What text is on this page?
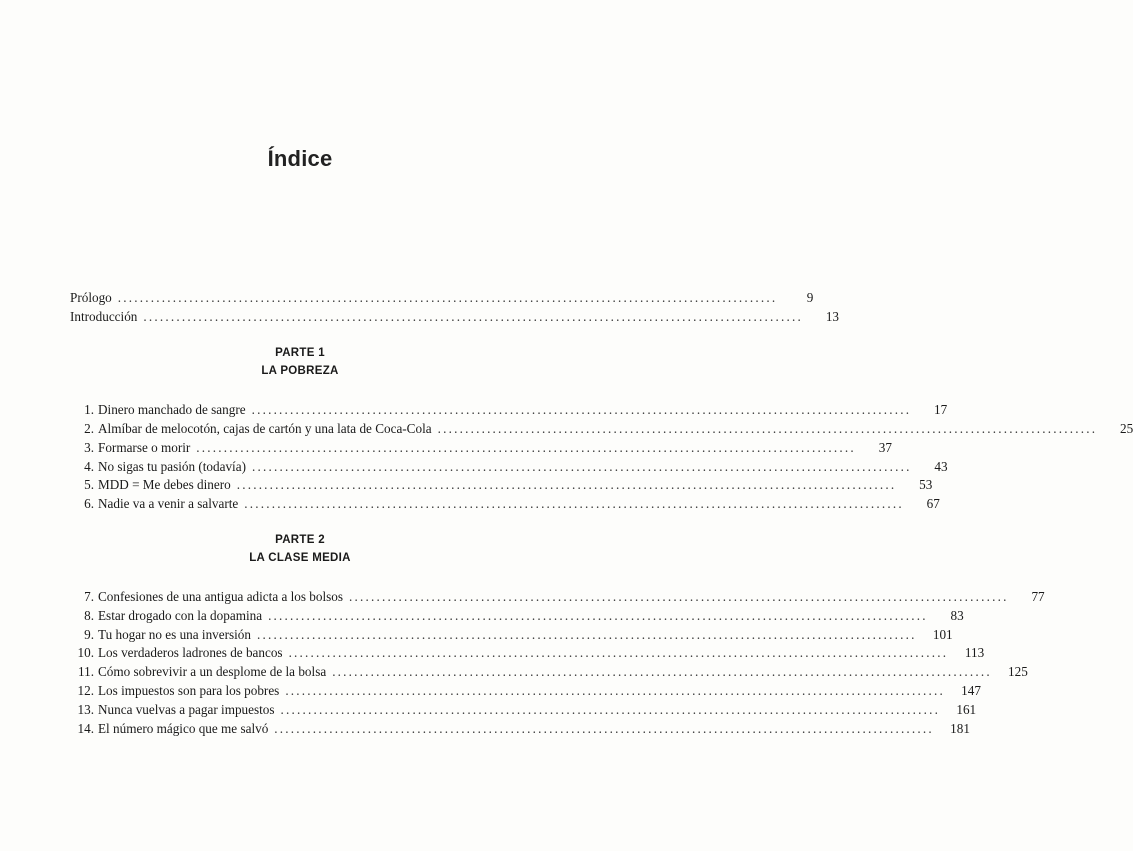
Índice
Prólogo ........................................................................................................................	9
Introducción ........................................................................................................................	13
PARTE 1
LA POBREZA
1. Dinero manchado de sangre ........................................................................................................................	17
2. Almíbar de melocotón, cajas de cartón y una lata de Coca-Cola ........................................................................................................................	25
3. Formarse o morir ........................................................................................................................	37
4. No sigas tu pasión (todavía) ........................................................................................................................	43
5. MDD = Me debes dinero ........................................................................................................................	53
6. Nadie va a venir a salvarte ........................................................................................................................	67
PARTE 2
LA CLASE MEDIA
7. Confesiones de una antigua adicta a los bolsos ........................................................................................................................	77
8. Estar drogado con la dopamina ........................................................................................................................	83
9. Tu hogar no es una inversión ........................................................................................................................	101
10. Los verdaderos ladrones de bancos ........................................................................................................................	113
11. Cómo sobrevivir a un desplome de la bolsa ........................................................................................................................	125
12. Los impuestos son para los pobres ........................................................................................................................	147
13. Nunca vuelvas a pagar impuestos ........................................................................................................................	161
14. El número mágico que me salvó ........................................................................................................................	181
